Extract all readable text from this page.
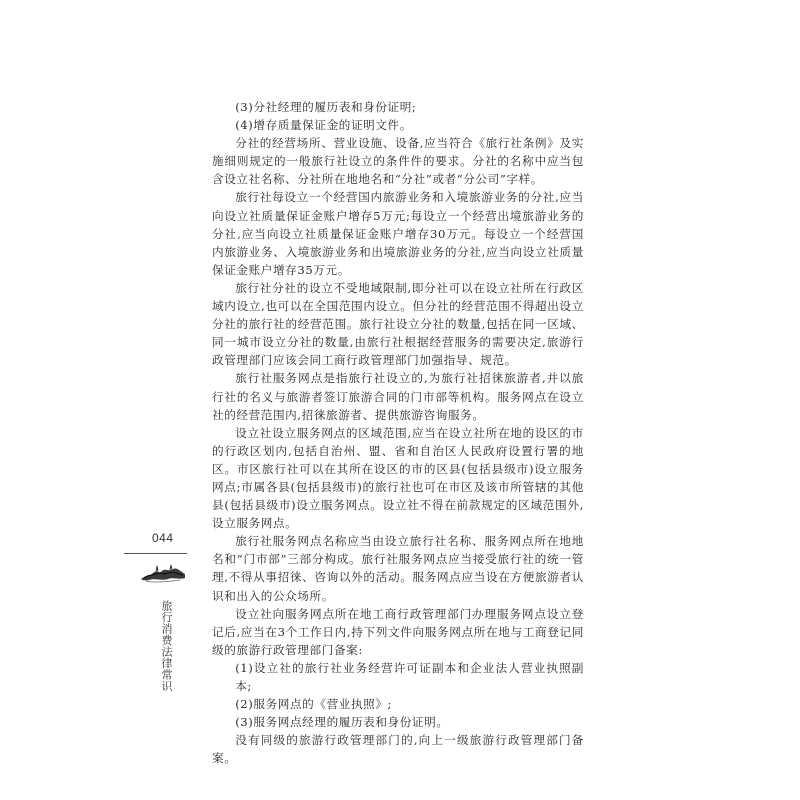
(3)分社经理的履历表和身份证明;

(4)增存质量保证金的证明文件。

分社的经营场所、营业设施、设备,应当符合《旅行社条例》及实施细则规定的一般旅行社设立的条件件的要求。分社的名称中应当包含设立社名称、分社所在地地名和“分社”或者“分公司”字样。

旅行社每设立一个经营国内旅游业务和入境旅游业务的分社,应当向设立社质量保证金账户增存5万元;每设立一个经营出境旅游业务的分社,应当向设立社质量保证金账户增存30万元。每设立一个经营国内旅游业务、入境旅游业务和出境旅游业务的分社,应当向设立社质量保证金账户增存35万元。

旅行社分社的设立不受地域限制,即分社可以在设立社所在行政区域内设立,也可以在全国范围内设立。但分社的经营范围不得超出设立分社的旅行社的经营范围。旅行社设立分社的数量,包括在同一区域、同一城市设立分社的数量,由旅行社根据经营服务的需要决定,旅游行政管理部门应该会同工商行政管理部门加强指导、规范。

旅行社服务网点是指旅行社设立的,为旅行社招徕旅游者,并以旅行社的名义与旅游者签订旅游合同的门市部等机构。服务网点在设立社的经营范围内,招徕旅游者、提供旅游咨询服务。

设立社设立服务网点的区域范围,应当在设立社所在地的设区的市的行政区划内,包括自治州、盟、省和自治区人民政府设置行署的地区。市区旅行社可以在其所在设区的市的区县(包括县级市)设立服务网点;市属各县(包括县级市)的旅行社也可在市区及该市所管辖的其他县(包括县级市)设立服务网点。设立社不得在前款规定的区域范围外,设立服务网点。

旅行社服务网点名称应当由设立旅行社名称、服务网点所在地地名和“门市部”三部分构成。旅行社服务网点应当接受旅行社的统一管理,不得从事招徕、咨询以外的活动。服务网点应当设在方便旅游者认识和出入的公众场所。

设立社向服务网点所在地工商行政管理部门办理服务网点设立登记后,应当在3个工作日内,持下列文件向服务网点所在地与工商登记同级的旅游行政管理部门备案:

(1)设立社的旅行社业务经营许可证副本和企业法人营业执照副本;

(2)服务网点的《营业执照》;

(3)服务网点经理的履历表和身份证明。

没有同级的旅游行政管理部门的,向上一级旅游行政管理部门备案。

044
旅行消费法律常识
